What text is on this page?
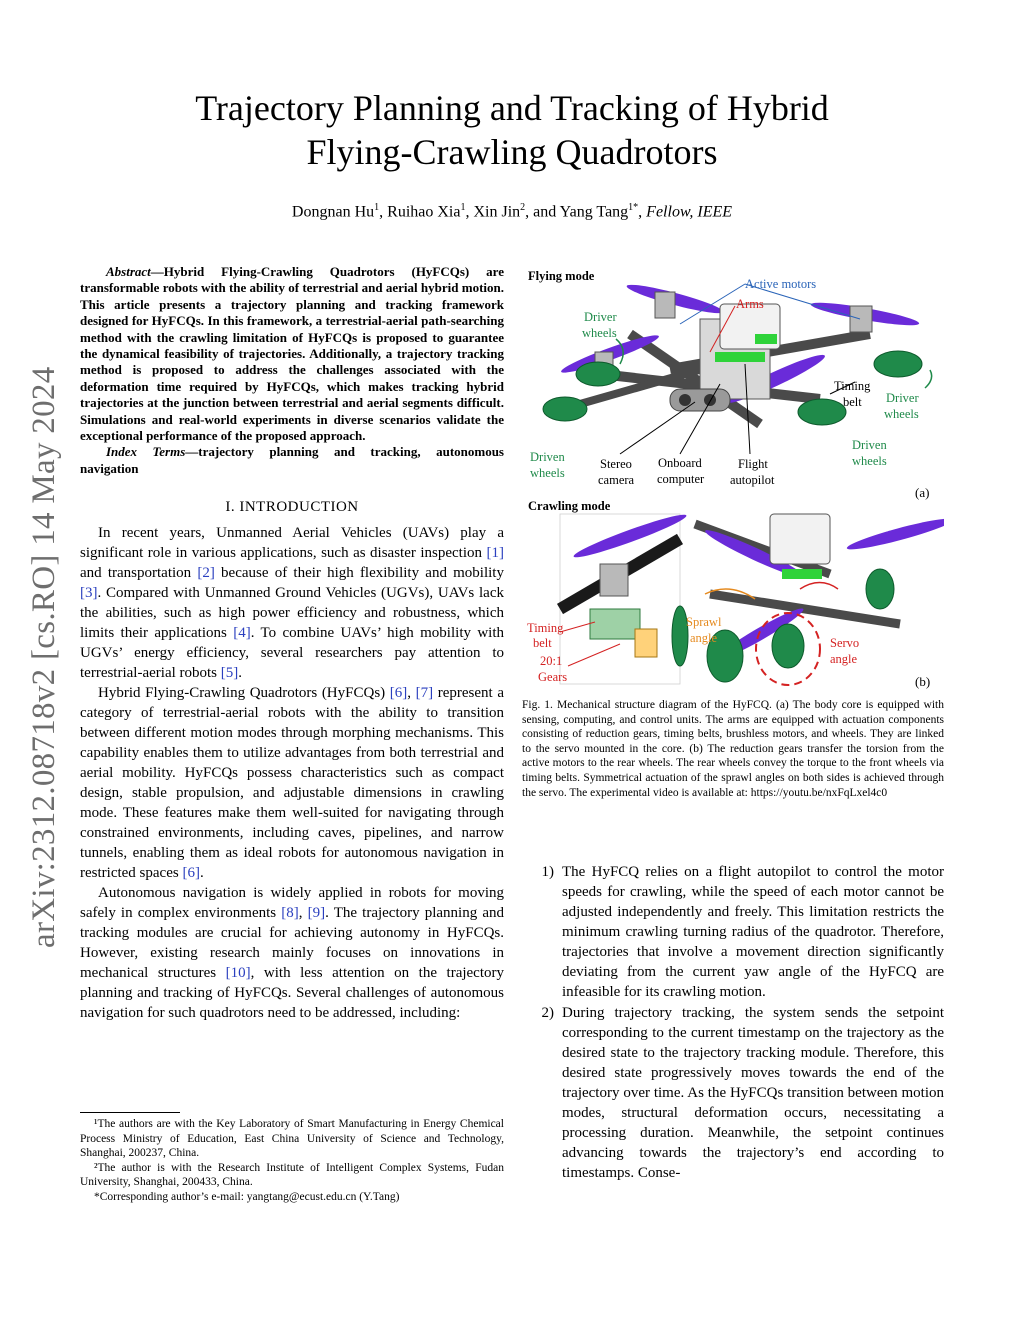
arXiv:2312.08718v2 [cs.RO] 14 May 2024
Trajectory Planning and Tracking of Hybrid
Flying-Crawling Quadrotors
Dongnan Hu$^1$, Ruihao Xia$^1$, Xin Jin$^2$, and Yang Tang$^{1*}$, Fellow, IEEE

  Abstract—Hybrid Flying-Crawling Quadrotors (HyFCQs) are transformable robots with the ability of terrestrial and aerial hybrid motion. This article presents a trajectory planning and tracking framework designed for HyFCQs. In this framework, a terrestrial-aerial path-searching method with the crawling limitation of HyFCQs is proposed to guarantee the dynamical feasibility of trajectories. Additionally, a trajectory tracking method is proposed to address the challenges associated with the deformation time required by HyFCQs, which makes tracking hybrid trajectories at the junction between terrestrial and aerial segments difficult. Simulations and real-world experiments in diverse scenarios validate the exceptional performance of the proposed approach.
  Index Terms—trajectory planning and tracking, autonomous navigation

I. INTRODUCTION

In recent years, Unmanned Aerial Vehicles (UAVs) play a significant role in various applications, such as disaster inspection [1] and transportation [2] because of their high flexibility and mobility [3]. Compared with Unmanned Ground Vehicles (UGVs), UAVs lack the abilities, such as high power efficiency and robustness, which limits their applications [4]. To combine UAVs’ high mobility with UGVs’ energy efficiency, several researchers pay attention to terrestrial-aerial robots [5].

Hybrid Flying-Crawling Quadrotors (HyFCQs) [6], [7] represent a category of terrestrial-aerial robots with the ability to transition between different motion modes through morphing mechanisms. This capability enables them to utilize advantages from both terrestrial and aerial mobility. HyFCQs possess characteristics such as compact design, stable propulsion, and adjustable dimensions in crawling mode. These features make them well-suited for navigating through constrained environments, including caves, pipelines, and narrow tunnels, enabling them as ideal robots for autonomous navigation in restricted spaces [6].

Autonomous navigation is widely applied in robots for moving safely in complex environments [8], [9]. The trajectory planning and tracking modules are crucial for achieving autonomy in HyFCQs. However, existing research mainly focuses on innovations in mechanical structures [10], with less attention on the trajectory planning and tracking of HyFCQs. Several challenges of autonomous navigation for such quadrotors need to be addressed, including:

¹The authors are with the Key Laboratory of Smart Manufacturing in Energy Chemical Process Ministry of Education, East China University of Science and Technology, Shanghai, 200237, China.

²The author is with the Research Institute of Intelligent Complex Systems, Fudan University, Shanghai, 200433, China.

*Corresponding author’s e-mail: yangtang@ecust.edu.cn (Y.Tang)

Flying mode
Active motors
Arms
Driver
wheels
Timing
belt Driver
wheels
Driven
wheels
Driven
wheels
Stereo
camera
Onboard
computer
Flight
autopilot
(a)
Crawling mode
Timing
belt
20:1
Gears
Sprawl
angle	Servo
angle
(b)
Fig. 1. Mechanical structure diagram of the HyFCQ. (a) The body core is equipped with sensing, computing, and control units. The arms are equipped with actuation components consisting of reduction gears, timing belts, brushless motors, and wheels. They are linked to the servo mounted in the core. (b) The reduction gears transfer the torsion from the active motors to the rear wheels. The rear wheels convey the torque to the front wheels via timing belts. Symmetrical actuation of the sprawl angles on both sides is achieved through the servo. The experimental video is available at: https://youtu.be/nxFqLxel4c0
1) The HyFCQ relies on a flight autopilot to control the motor speeds for crawling, while the speed of each motor cannot be adjusted independently and freely. This limitation restricts the minimum crawling turning radius of the quadrotor. Therefore, trajectories that involve a movement direction significantly deviating from the current yaw angle of the HyFCQ are infeasible for its crawling motion.
2) During trajectory tracking, the system sends the setpoint corresponding to the current timestamp on the trajectory as the desired state to the trajectory tracking module. Therefore, this desired state progressively moves towards the end of the trajectory over time. As the HyFCQs transition between motion modes, structural deformation occurs, necessitating a processing duration. Meanwhile, the setpoint continues advancing towards the trajectory’s end according to timestamps. Conse-
